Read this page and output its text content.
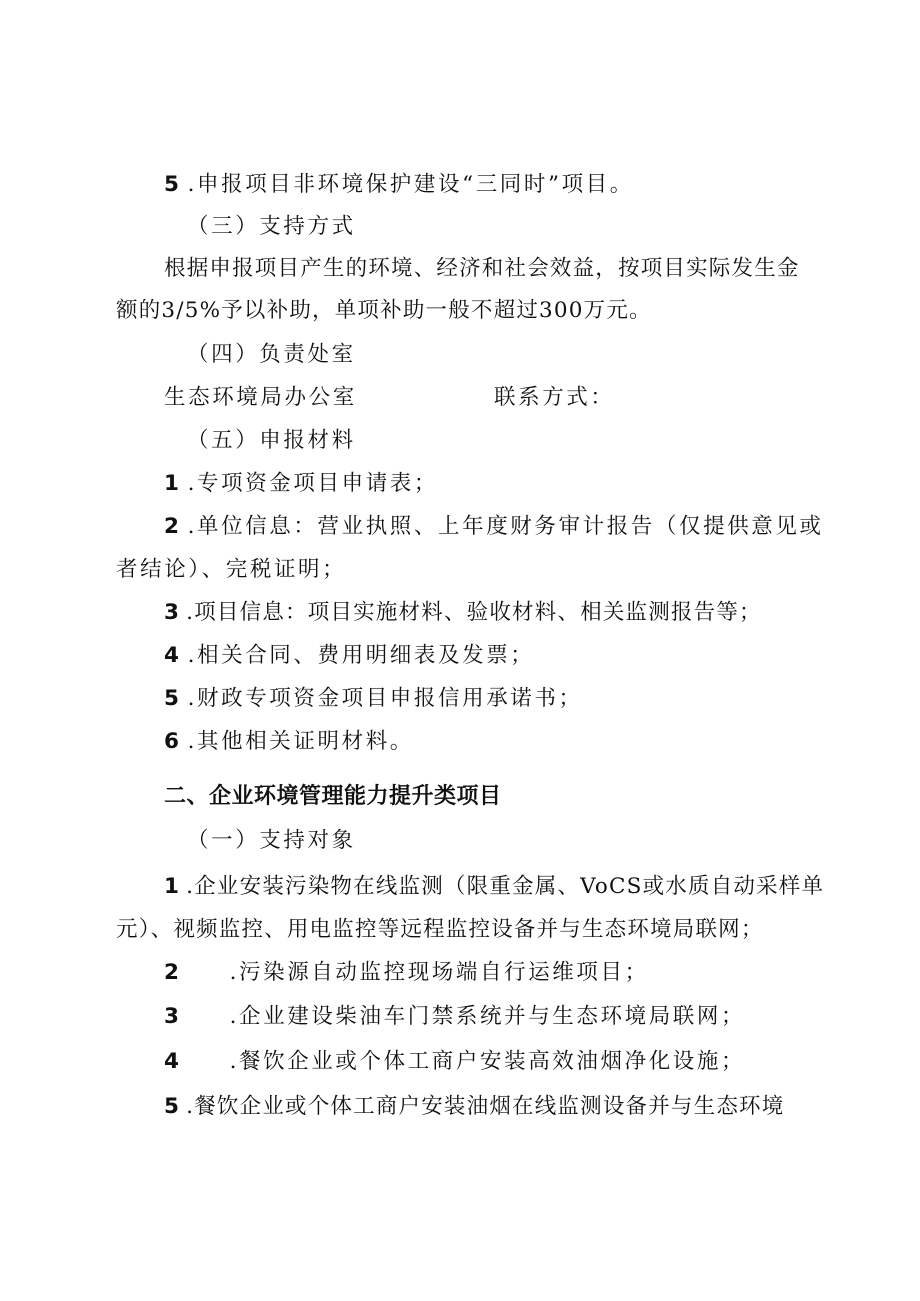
5 .申报项目非环境保护建设“三同时”项目。
（三）支持方式
根据申报项目产生的环境、经济和社会效益，按项目实际发生金
额的3/5%予以补助，单项补助一般不超过300万元。
（四）负责处室
生态环境局办公室	联系方式：
（五）申报材料
1 .专项资金项目申请表；
2 .单位信息：营业执照、上年度财务审计报告（仅提供意见或
者结论）、完税证明；
3 .项目信息：项目实施材料、验收材料、相关监测报告等；
4 .相关合同、费用明细表及发票；
5 .财政专项资金项目申报信用承诺书；
6 .其他相关证明材料。
二、企业环境管理能力提升类项目
（一）支持对象
1 .企业安装污染物在线监测（限重金属、VoCS或水质自动采样单
元）、视频监控、用电监控等远程监控设备并与生态环境局联网；
2 .污染源自动监控现场端自行运维项目；
3 .企业建设柴油车门禁系统并与生态环境局联网；
4 .餐饮企业或个体工商户安装高效油烟净化设施；
5 .餐饮企业或个体工商户安装油烟在线监测设备并与生态环境
